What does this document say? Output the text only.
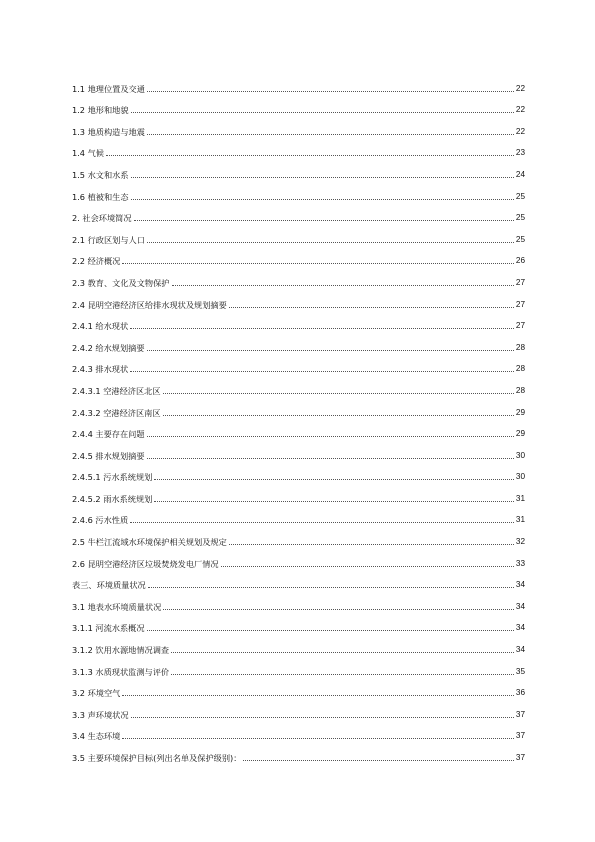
1.1 地理位置及交通	22
1.2 地形和地貌	22
1.3 地质构造与地震	22
1.4 气候	23
1.5 水文和水系	24
1.6 植被和生态	25
2. 社会环境简况	25
2.1 行政区划与人口	25
2.2 经济概况	26
2.3 教育、文化及文物保护	27
2.4 昆明空港经济区给排水现状及规划摘要	27
2.4.1 给水现状	27
2.4.2 给水规划摘要	28
2.4.3 排水现状	28
2.4.3.1 空港经济区北区	28
2.4.3.2 空港经济区南区	29
2.4.4 主要存在问题	29
2.4.5 排水规划摘要	30
2.4.5.1 污水系统规划	30
2.4.5.2 雨水系统规划	31
2.4.6 污水性质	31
2.5 牛栏江流域水环境保护相关规划及规定	32
2.6 昆明空港经济区垃圾焚烧发电厂情况	33
表三、环境质量状况	34
3.1 地表水环境质量状况	34
3.1.1 河流水系概况	34
3.1.2 饮用水源地情况调查	34
3.1.3 水质现状监测与评价	35
3.2 环境空气	36
3.3 声环境状况	37
3.4 生态环境	37
3.5 主要环境保护目标(列出名单及保护级别)：	37
